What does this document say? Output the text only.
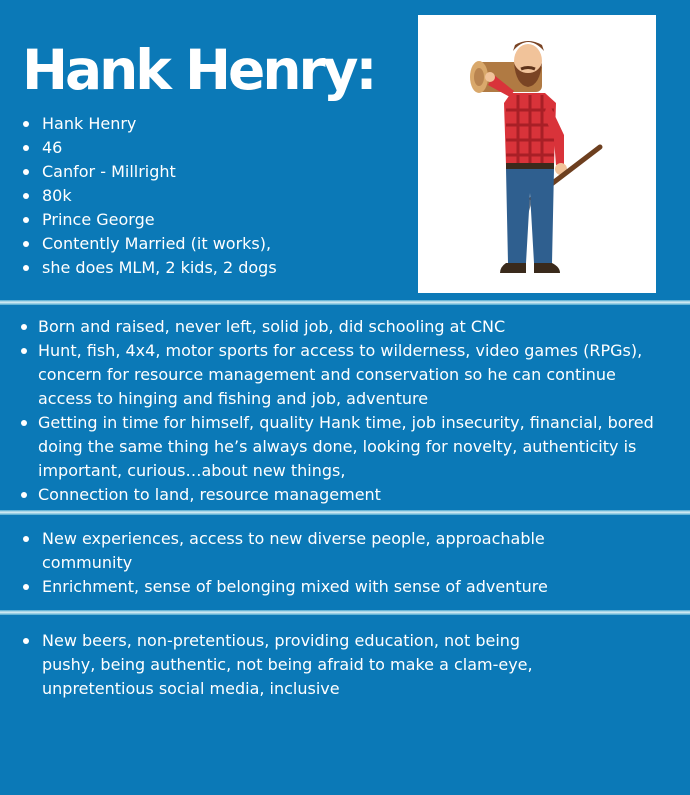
Hank Henry:
Hank Henry
46
Canfor - Millright
80k
Prince George
Contently Married (it works),
she does MLM, 2 kids, 2 dogs
Born and raised, never left, solid job, did schooling at CNC
Hunt, fish, 4x4, motor sports for access to wilderness, video games (RPGs), concern for resource management and conservation so he can continue access to hinging and fishing and job, adventure
Getting in time for himself, quality Hank time, job insecurity, financial, bored doing the same thing he’s always done, looking for novelty, authenticity is important, curious…about new things,
Connection to land, resource management
New experiences, access to new diverse people, approachable community
Enrichment, sense of belonging mixed with sense of adventure
New beers, non-pretentious, providing education, not being pushy, being authentic, not being afraid to make a clam-eye, unpretentious social media, inclusive
